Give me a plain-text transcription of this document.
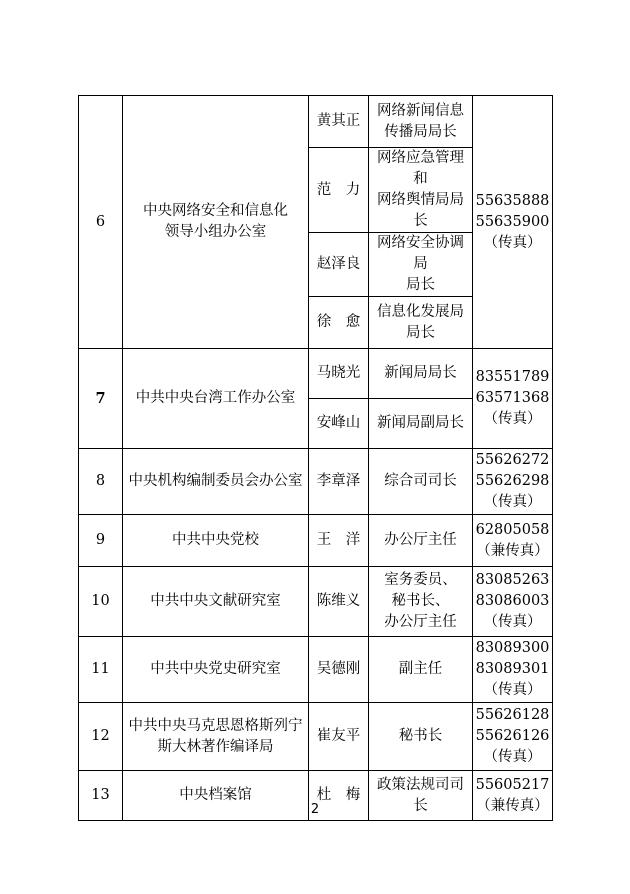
6	中央网络安全和信息化
领导小组办公室	黄其正	网络新闻信息
传播局局长	55635888
55635900
（传真）

		范　力	网络应急管理和
网络舆情局局长	

		赵泽良	网络安全协调局
局长	

		徐　愈	信息化发展局
局长	

7	中共中央台湾工作办公室	马晓光	新闻局局长	83551789
63571368
（传真）

		安峰山	新闻局副局长	

8	中央机构编制委员会办公室	李章泽	综合司司长	55626272
55626298
（传真）

9	中共中央党校	王　洋	办公厅主任	62805058
（兼传真）

10	中共中央文献研究室	陈维义	室务委员、
秘书长、
办公厅主任	83085263
83086003
（传真）

11	中共中央党史研究室	吴德刚	副主任	83089300
83089301
（传真）

12	中共中央马克思恩格斯列宁
斯大林著作编译局	崔友平	秘书长	55626128
55626126
（传真）

13	中央档案馆	杜　梅	政策法规司司长	55605217
（兼传真）
2
